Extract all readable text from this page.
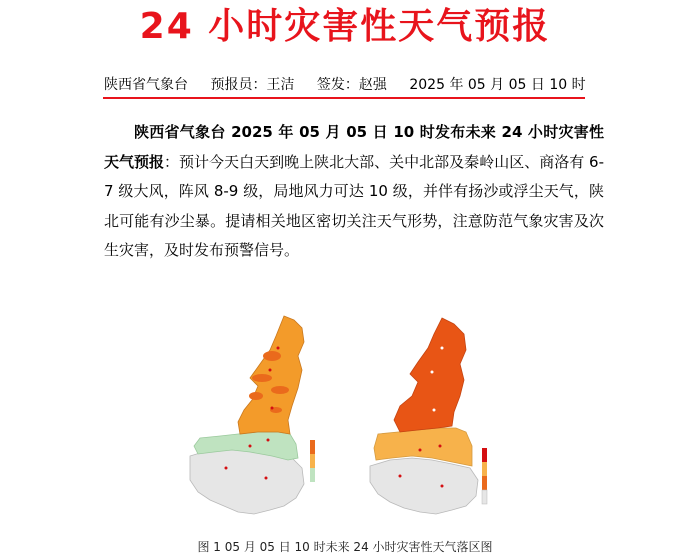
24 小时灾害性天气预报
陕西省气象台 预报员：王洁 签发：赵强 2025 年 05 月 05 日 10 时

陕西省气象台 2025 年 05 月 05 日 10 时发布未来 24 小时灾害性天气预报：预计今天白天到晚上陕北大部、关中北部及秦岭山区、商洛有 6-7 级大风，阵风 8-9 级，局地风力可达 10 级，并伴有扬沙或浮尘天气，陕北可能有沙尘暴。提请相关地区密切关注天气形势，注意防范气象灾害及次生灾害，及时发布预警信号。

图 1 05 月 05 日 10 时未来 24 小时灾害性天气落区图
